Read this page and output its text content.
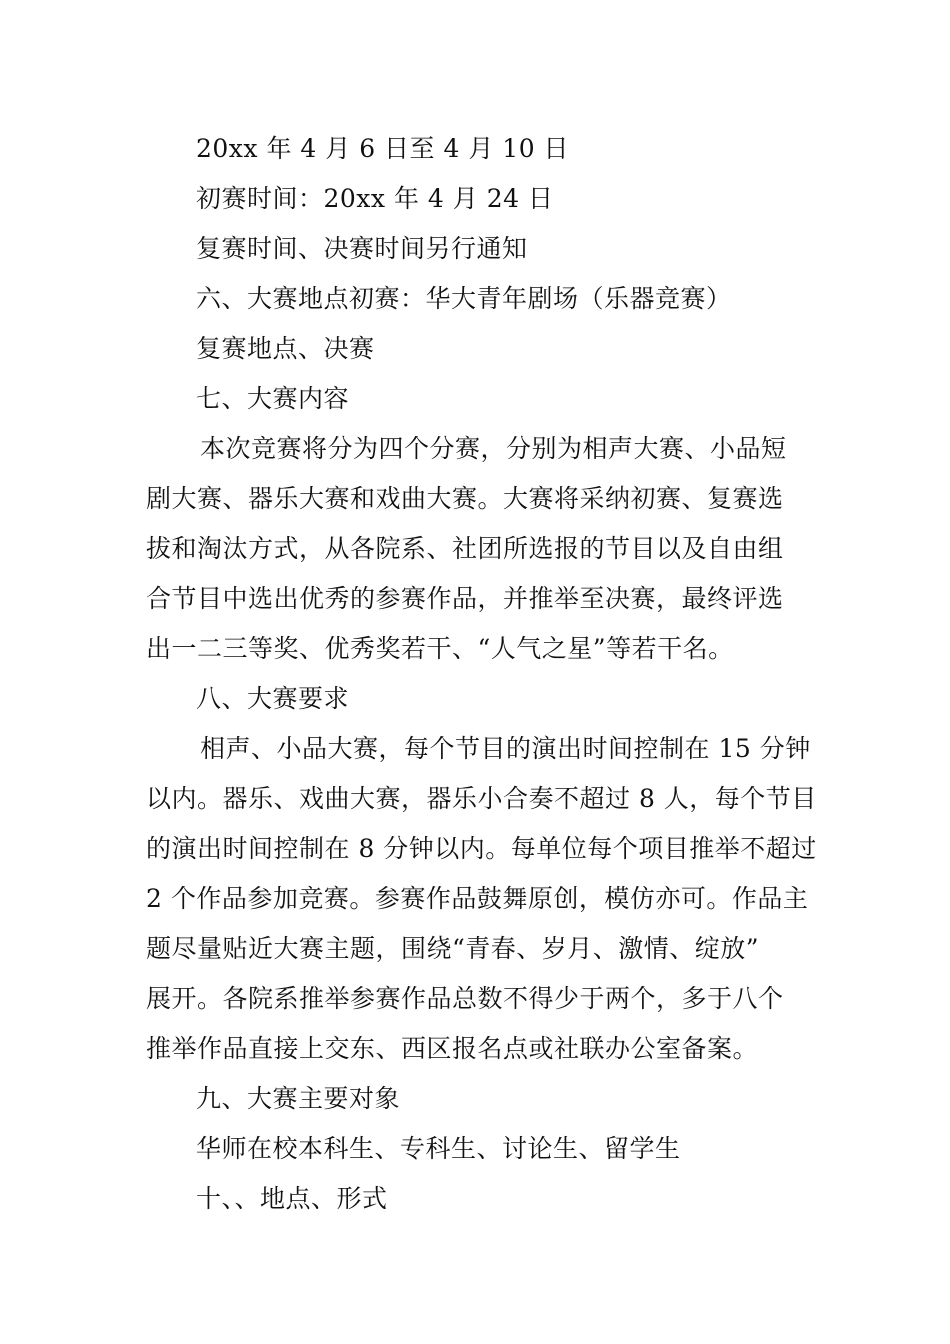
20xx 年 4 月 6 日至 4 月 10 日
初赛时间：20xx 年 4 月 24 日
复赛时间、决赛时间另行通知
六、大赛地点初赛：华大青年剧场（乐器竞赛）
复赛地点、决赛
七、大赛内容
本次竞赛将分为四个分赛，分别为相声大赛、小品短
剧大赛、器乐大赛和戏曲大赛。大赛将采纳初赛、复赛选
拔和淘汰方式，从各院系、社团所选报的节目以及自由组
合节目中选出优秀的参赛作品，并推举至决赛，最终评选
出一二三等奖、优秀奖若干、“人气之星”等若干名。
八、大赛要求
相声、小品大赛，每个节目的演出时间控制在 15 分钟
以内。器乐、戏曲大赛，器乐小合奏不超过 8 人，每个节目
的演出时间控制在 8 分钟以内。每单位每个项目推举不超过
2 个作品参加竞赛。参赛作品鼓舞原创，模仿亦可。作品主
题尽量贴近大赛主题，围绕“青春、岁月、激情、绽放”
展开。各院系推举参赛作品总数不得少于两个，多于八个
推举作品直接上交东、西区报名点或社联办公室备案。
九、大赛主要对象
华师在校本科生、专科生、讨论生、留学生
十、、地点、形式
